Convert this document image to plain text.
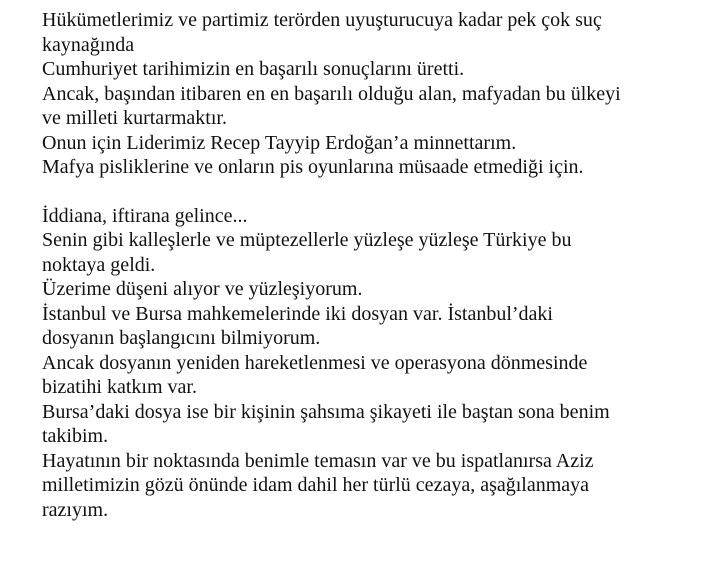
Hükümetlerimiz ve partimiz terörden uyuşturucuya kadar pek çok suç
kaynağında
Cumhuriyet tarihimizin en başarılı sonuçlarını üretti.
Ancak, başından itibaren en en başarılı olduğu alan, mafyadan bu ülkeyi
ve milleti kurtarmaktır.
Onun için Liderimiz Recep Tayyip Erdoğan’a minnettarım.
Mafya pisliklerine ve onların pis oyunlarına müsaade etmediği için.
İddiana, iftirana gelince...
Senin gibi kalleşlerle ve müptezellerle yüzleşe yüzleşe Türkiye bu
noktaya geldi.
Üzerime düşeni alıyor ve yüzleşiyorum.
İstanbul ve Bursa mahkemelerinde iki dosyan var. İstanbul’daki
dosyanın başlangıcını bilmiyorum.
Ancak dosyanın yeniden hareketlenmesi ve operasyona dönmesinde
bizatihi katkım var.
Bursa’daki dosya ise bir kişinin şahsıma şikayeti ile baştan sona benim
takibim.
Hayatının bir noktasında benimle temasın var ve bu ispatlanırsa Aziz
milletimizin gözü önünde idam dahil her türlü cezaya, aşağılanmaya
razıyım.
